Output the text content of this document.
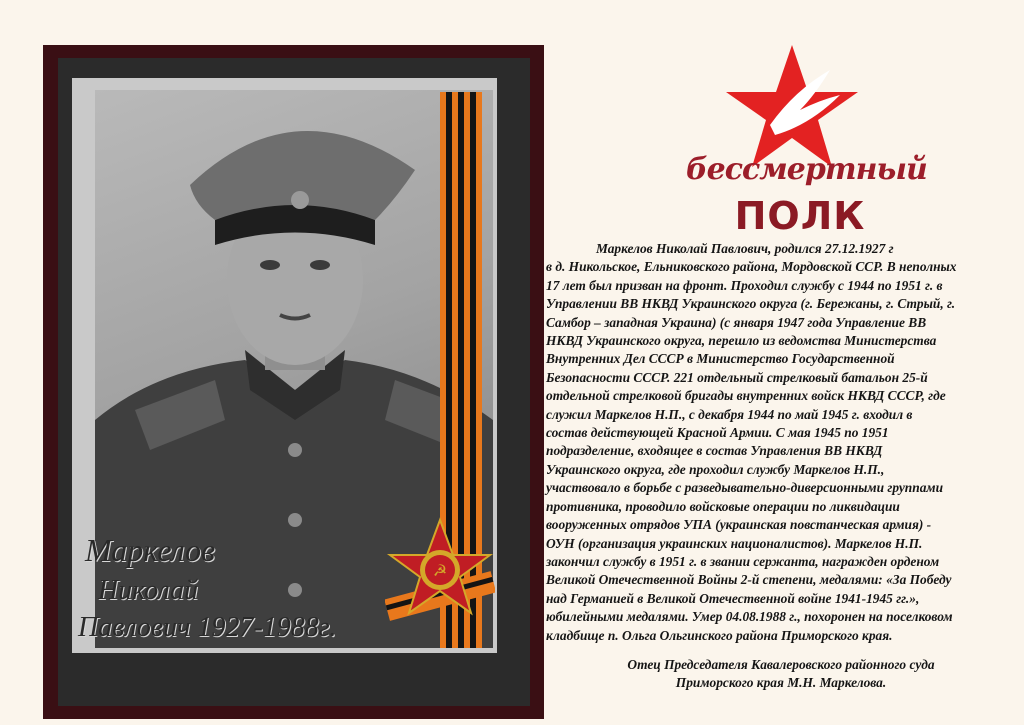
☭
Маркелов
Николай
Павлович 1927-1988г.
бессмертный
ПОЛК
Маркелов Николай Павлович, родился 27.12.1927 г
в д. Никольское, Ельниковского района, Мордовской ССР. В неполных
17 лет был призван на фронт. Проходил службу с 1944 по 1951 г. в
Управлении ВВ НКВД Украинского округа (г. Бережаны, г. Стрый, г.
Самбор – западная Украина) (с января 1947 года Управление ВВ
НКВД Украинского округа, перешло из ведомства Министерства
Внутренних Дел СССР в Министерство Государственной
Безопасности СССР. 221 отдельный стрелковый батальон 25-й
отдельной стрелковой бригады внутренних войск НКВД СССР, где
служил Маркелов Н.П., с декабря 1944 по май 1945 г. входил в
состав действующей Красной Армии. С мая 1945 по 1951
подразделение, входящее в состав Управления ВВ НКВД
Украинского округа, где проходил службу Маркелов Н.П.,
участвовало в борьбе с разведывательно-диверсионными группами
противника, проводило войсковые операции по ликвидации
вооруженных отрядов УПА (украинская повстанческая армия) -
ОУН (организация украинских националистов). Маркелов Н.П.
закончил службу в 1951 г. в звании сержанта, награжден орденом
Великой Отечественной Войны 2-й степени, медалями: «За Победу
над Германией в Великой Отечественной войне 1941-1945 гг.»,
юбилейными медалями. Умер 04.08.1988 г., похоронен на поселковом
кладбище п. Ольга Ольгинского района Приморского края.
Отец Председателя Кавалеровского районного суда
Приморского края М.Н. Маркелова.
